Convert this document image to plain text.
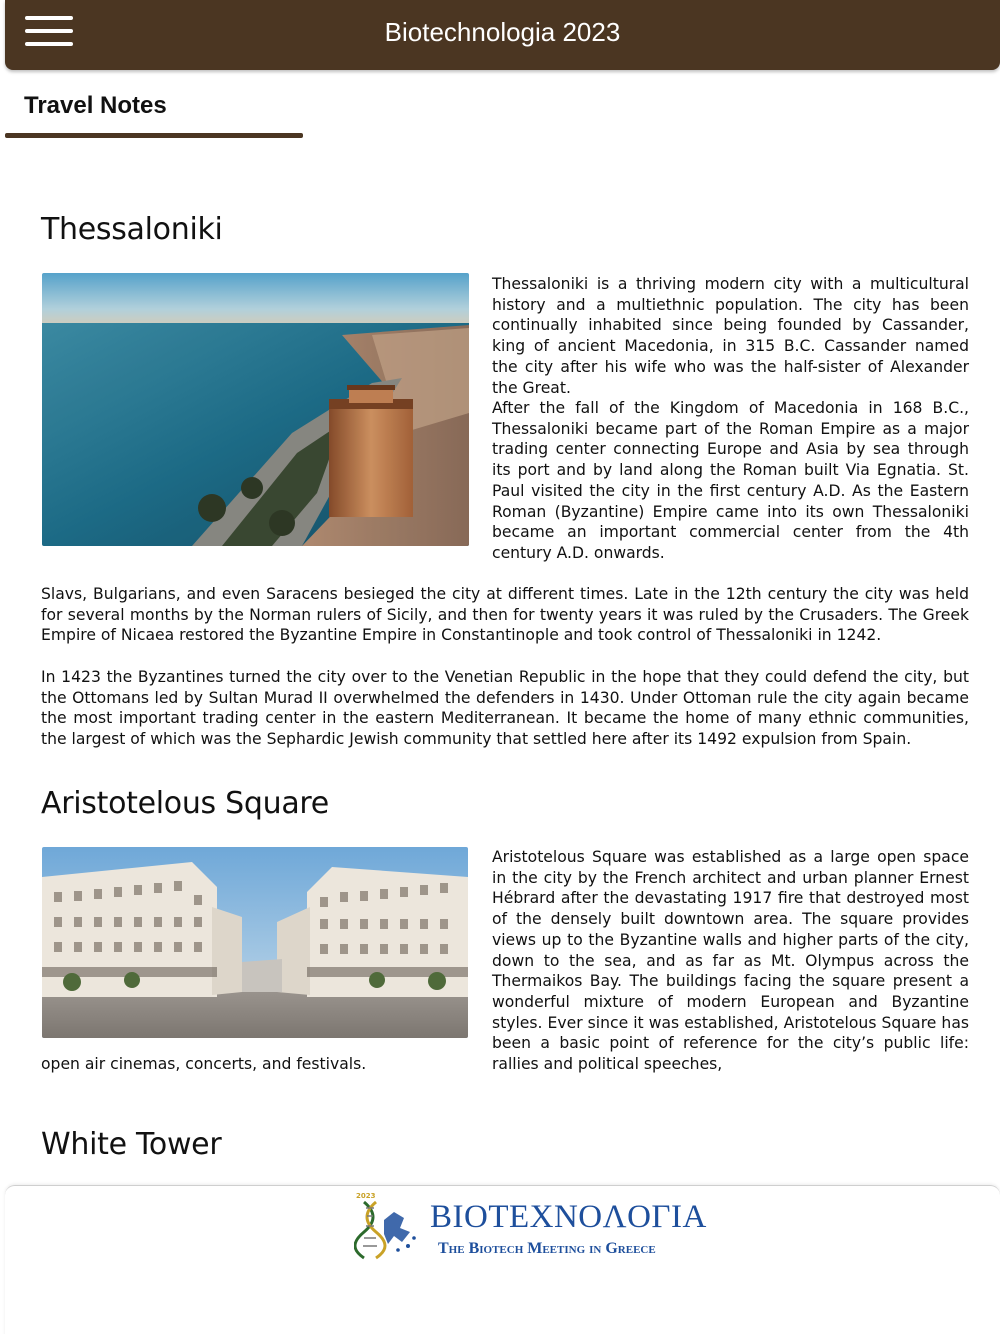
Biotechnologia 2023
Travel Notes
Thessaloniki
Thessaloniki is a thriving modern city with a multicultural history and a multiethnic population. The city has been continually inhabited since being founded by Cassander, king of ancient Macedonia, in 315 B.C. Cassander named the city after his wife who was the half-sister of Alexander the Great.
After the fall of the Kingdom of Macedonia in 168 B.C., Thessaloniki became part of the Roman Empire as a major trading center connecting Europe and Asia by sea through its port and by land along the Roman built Via Egnatia. St. Paul visited the city in the first century A.D. As the Eastern Roman (Byzantine) Empire came into its own Thessaloniki became an important commercial center from the 4th century A.D. onwards.
Slavs, Bulgarians, and even Saracens besieged the city at different times. Late in the 12th century the city was held for several months by the Norman rulers of Sicily, and then for twenty years it was ruled by the Crusaders. The Greek Empire of Nicaea restored the Byzantine Empire in Constantinople and took control of Thessaloniki in 1242.
In 1423 the Byzantines turned the city over to the Venetian Republic in the hope that they could defend the city, but the Ottomans led by Sultan Murad II overwhelmed the defenders in 1430. Under Ottoman rule the city again became the most important trading center in the eastern Mediterranean. It became the home of many ethnic communities, the largest of which was the Sephardic Jewish community that settled here after its 1492 expulsion from Spain.
Aristotelous Square
Aristotelous Square was established as a large open space in the city by the French architect and urban planner Ernest Hébrard after the devastating 1917 fire that destroyed most of the densely built downtown area. The square provides views up to the Byzantine walls and higher parts of the city, down to the sea, and as far as Mt. Olympus across the Thermaikos Bay. The buildings facing the square present a wonderful mixture of modern European and Byzantine styles. Ever since it was established, Aristotelous Square has been a basic point of reference for the city’s public life: rallies and political speeches,
open air cinemas, concerts, and festivals.
White Tower
2023
BIOTEXNOΛOΓIA
The Biotech Meeting in Greece
